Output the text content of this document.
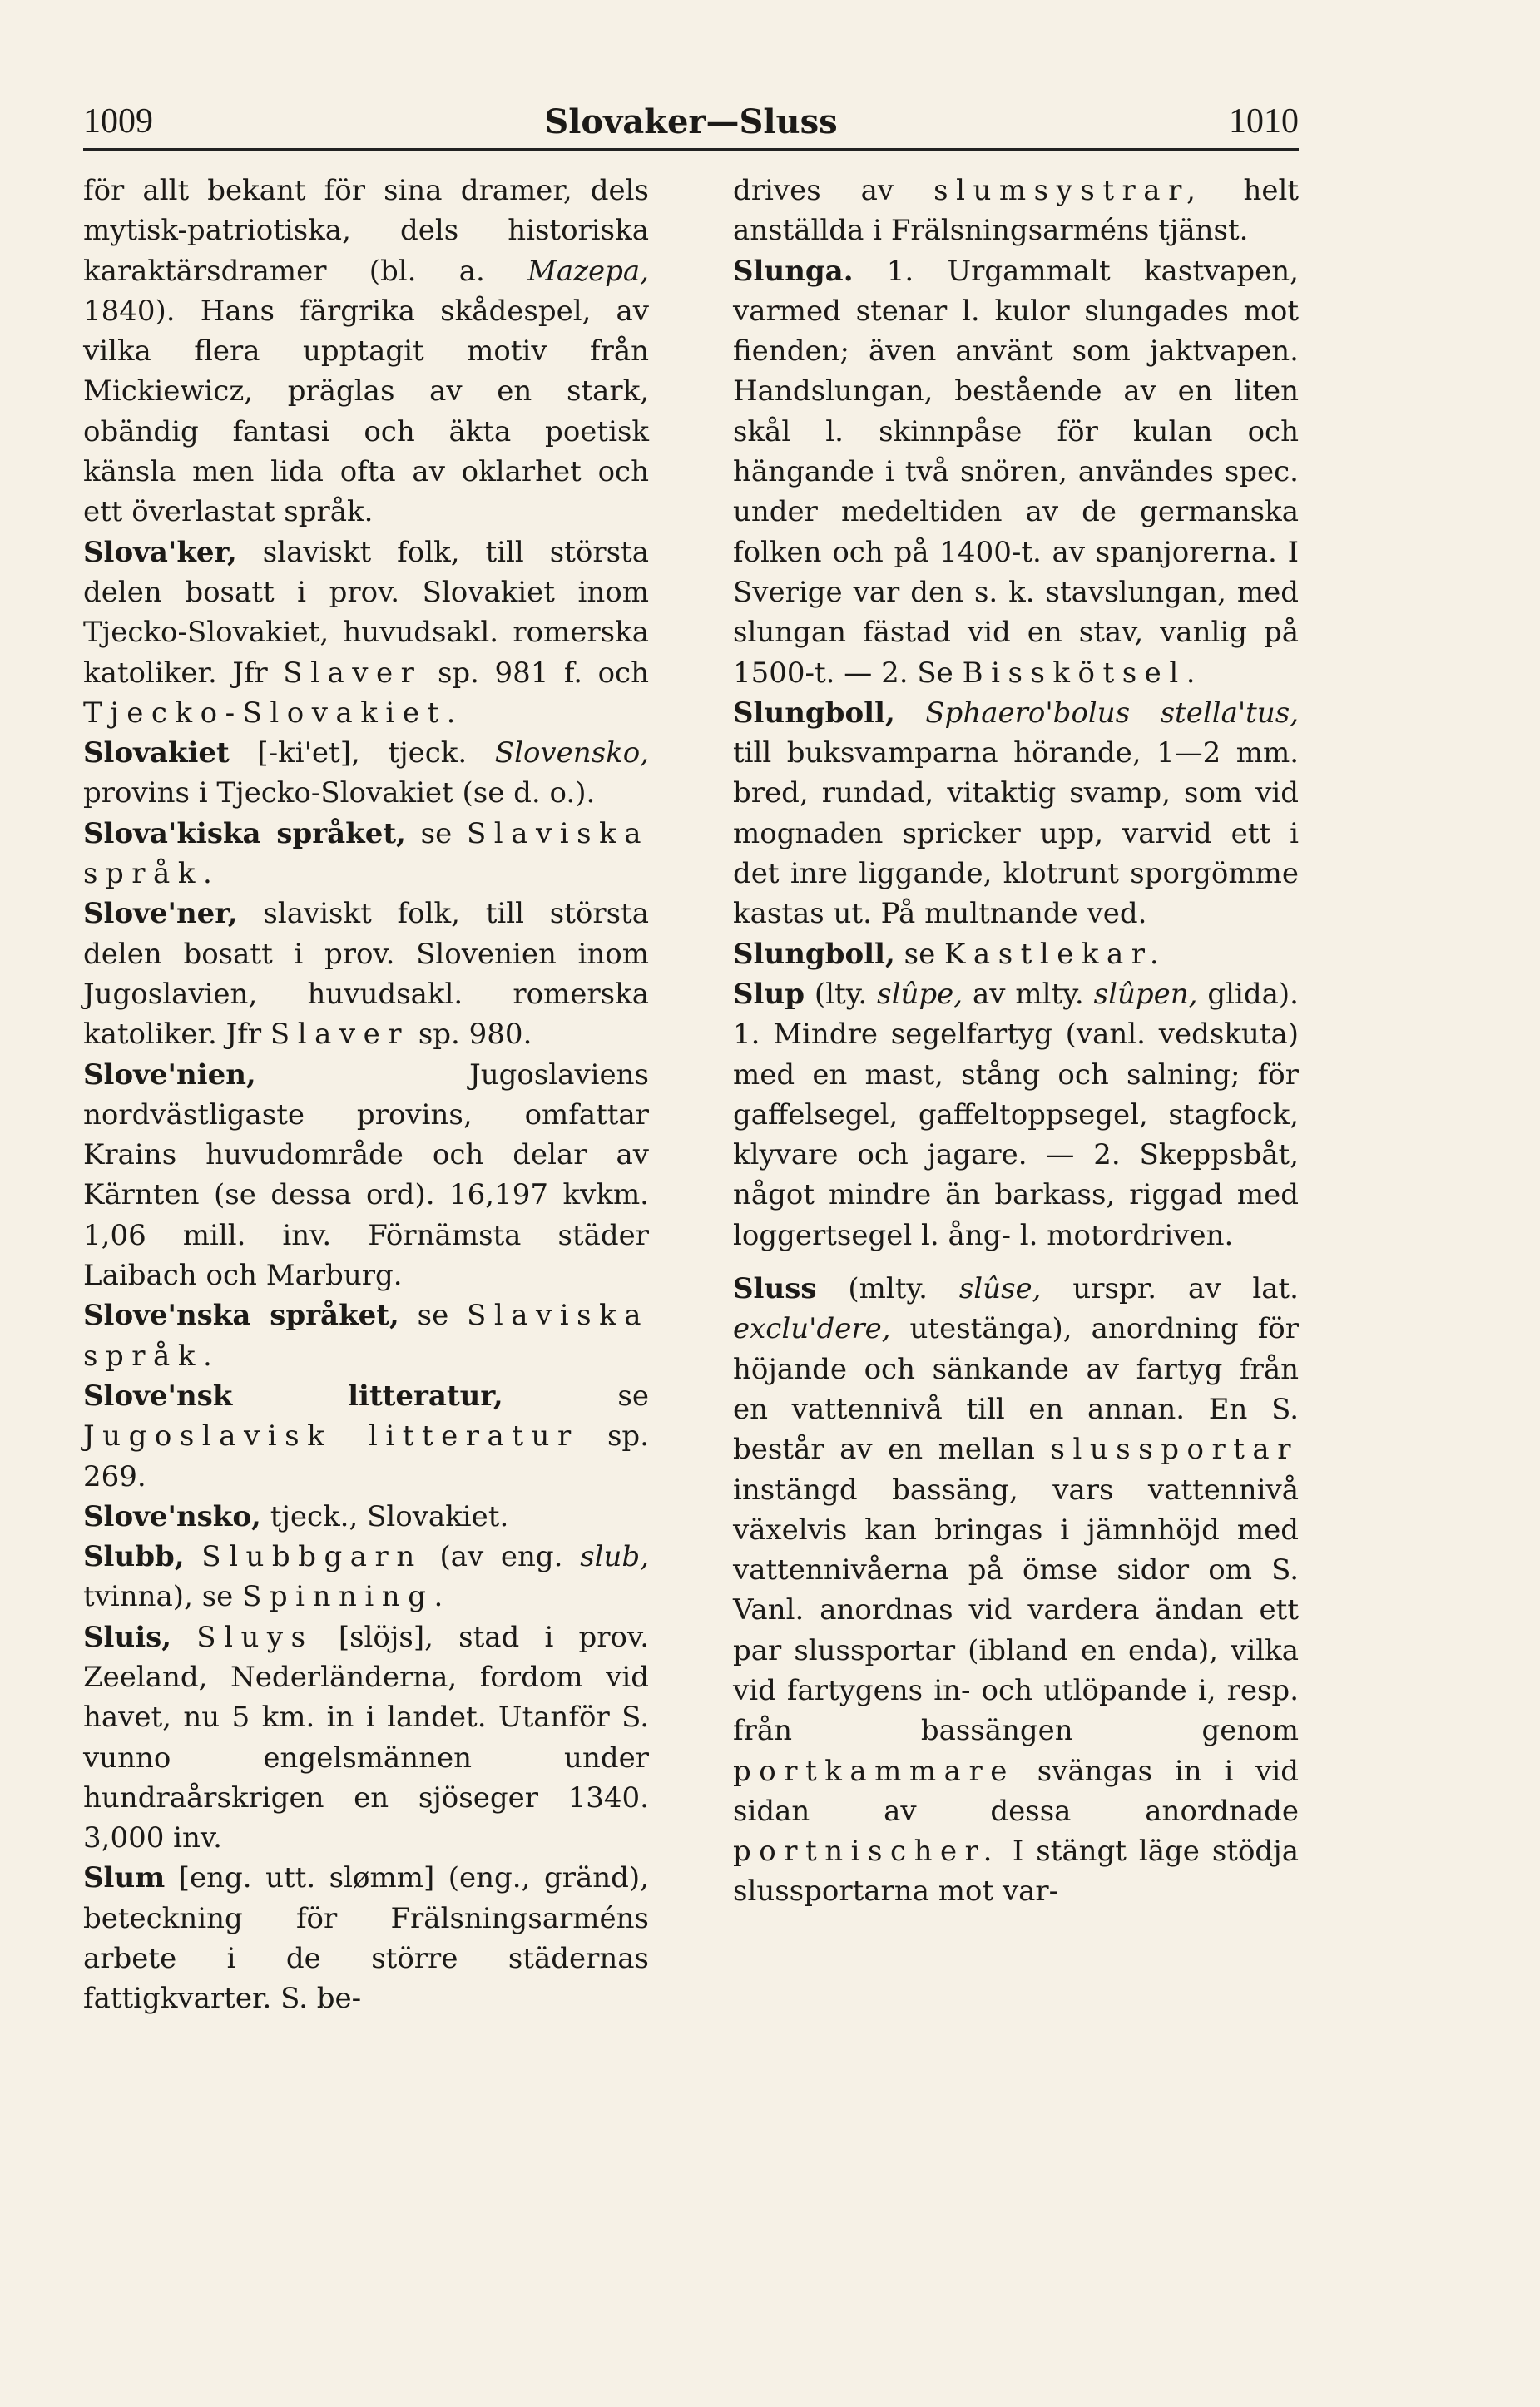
1009	Slovaker—Sluss	1010

för allt bekant för sina dramer, dels mytisk-patriotiska, dels historiska karaktärsdramer (bl. a. Mazepa, 1840). Hans färgrika skådespel, av vilka flera upptagit motiv från Mickiewicz, präglas av en stark, obändig fantasi och äkta poetisk känsla men lida ofta av oklarhet och ett överlastat språk.

Slova'ker, slaviskt folk, till största delen bosatt i prov. Slovakiet inom Tjecko-Slovakiet, huvudsakl. romerska katoliker. Jfr Slaver sp. 981 f. och Tjecko-Slovakiet.

Slovakiet [-ki'et], tjeck. Slovensko, provins i Tjecko-Slovakiet (se d. o.).

Slova'kiska språket, se Slaviska språk.

Slove'ner, slaviskt folk, till största delen bosatt i prov. Slovenien inom Jugoslavien, huvudsakl. romerska katoliker. Jfr Slaver sp. 980.

Slove'nien, Jugoslaviens nordvästligaste provins, omfattar Krains huvudområde och delar av Kärnten (se dessa ord). 16,197 kvkm. 1,06 mill. inv. Förnämsta städer Laibach och Marburg.

Slove'nska språket, se Slaviska språk.

Slove'nsk litteratur, se Jugoslavisk litteratur sp. 269.

Slove'nsko, tjeck., Slovakiet.

Slubb, Slubbgarn (av eng. slub, tvinna), se Spinning.

Sluis, Sluys [slöjs], stad i prov. Zeeland, Nederländerna, fordom vid havet, nu 5 km. in i landet. Utanför S. vunno engelsmännen under hundraårskrigen en sjöseger 1340. 3,000 inv.

Slum [eng. utt. slømm] (eng., gränd), beteckning för Frälsningsarméns arbete i de större städernas fattigkvarter. S. be-

drives av slumsystrar, helt anställda i Frälsningsarméns tjänst.

Slunga. 1. Urgammalt kastvapen, varmed stenar l. kulor slungades mot fienden; även använt som jaktvapen. Handslungan, bestående av en liten skål l. skinnpåse för kulan och hängande i två snören, användes spec. under medeltiden av de germanska folken och på 1400-t. av spanjorerna. I Sverige var den s. k. stavslungan, med slungan fästad vid en stav, vanlig på 1500-t. — 2. Se Bisskötsel.

Slungboll, Sphaero'bolus stella'tus, till buksvamparna hörande, 1—2 mm. bred, rundad, vitaktig svamp, som vid mognaden spricker upp, varvid ett i det inre liggande, klotrunt sporgömme kastas ut. På multnande ved.

Slungboll, se Kastlekar.

Slup (lty. slûpe, av mlty. slûpen, glida). 1. Mindre segelfartyg (vanl. vedskuta) med en mast, stång och salning; för gaffelsegel, gaffeltoppsegel, stagfock, klyvare och jagare. — 2. Skeppsbåt, något mindre än barkass, riggad med loggertsegel l. ång- l. motordriven.

Sluss (mlty. slûse, urspr. av lat. exclu'dere, utestänga), anordning för höjande och sänkande av fartyg från en vattennivå till en annan. En S. består av en mellan slussportar instängd bassäng, vars vattennivå växelvis kan bringas i jämnhöjd med vattennivåerna på ömse sidor om S. Vanl. anordnas vid vardera ändan ett par slussportar (ibland en enda), vilka vid fartygens in- och utlöpande i, resp. från bassängen genom portkammare svängas in i vid sidan av dessa anordnade portnischer. I stängt läge stödja slussportarna mot var-
